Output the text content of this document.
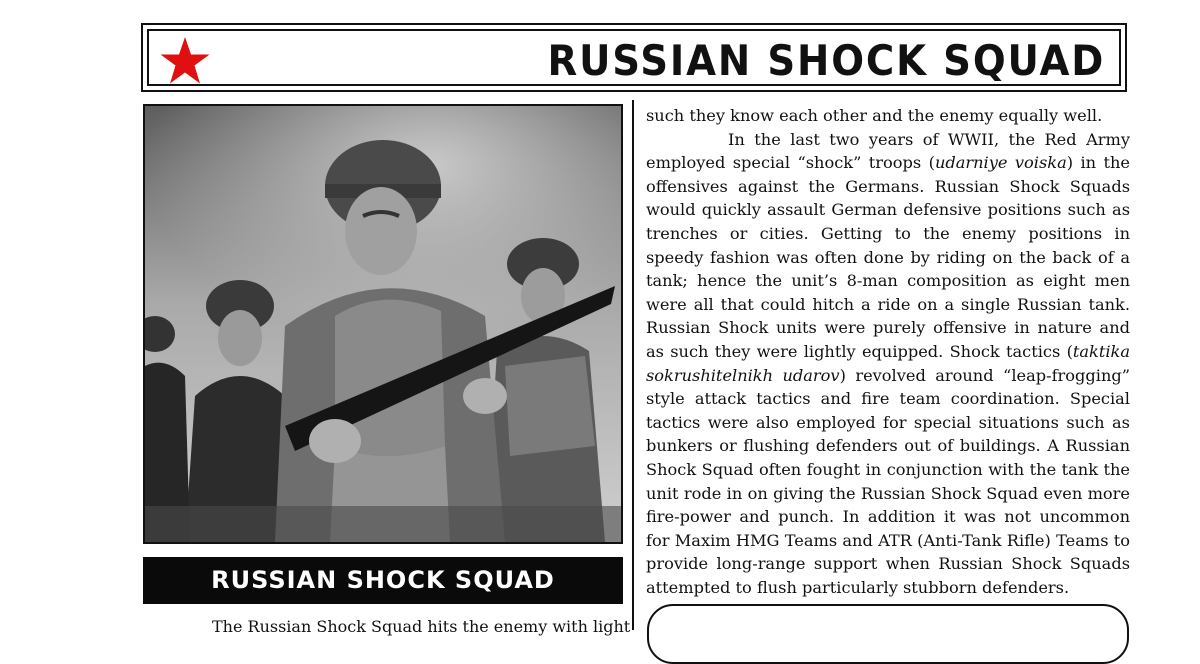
RUSSIAN SHOCK SQUAD
RUSSIAN SHOCK SQUAD
The Russian Shock Squad hits the enemy with light

such they know each other and the enemy equally well.

In the last two years of WWII, the Red Army employed special “shock” troops (udarniye voiska) in the offensives against the Germans. Russian Shock Squads would quickly assault German defensive positions such as trenches or cities. Getting to the enemy positions in speedy fashion was often done by riding on the back of a tank; hence the unit’s 8-man composition as eight men were all that could hitch a ride on a single Russian tank. Russian Shock units were purely offensive in nature and as such they were lightly equipped. Shock tactics (taktika sokrushitelnikh udarov) revolved around “leap-frogging” style attack tactics and fire team coordination. Special tactics were also employed for special situations such as bunkers or flushing defenders out of buildings. A Russian Shock Squad often fought in conjunction with the tank the unit rode in on giving the Russian Shock Squad even more fire-power and punch. In addition it was not uncommon for Maxim HMG Teams and ATR (Anti-Tank Rifle) Teams to provide long-range support when Russian Shock Squads attempted to flush particularly stubborn defenders.
